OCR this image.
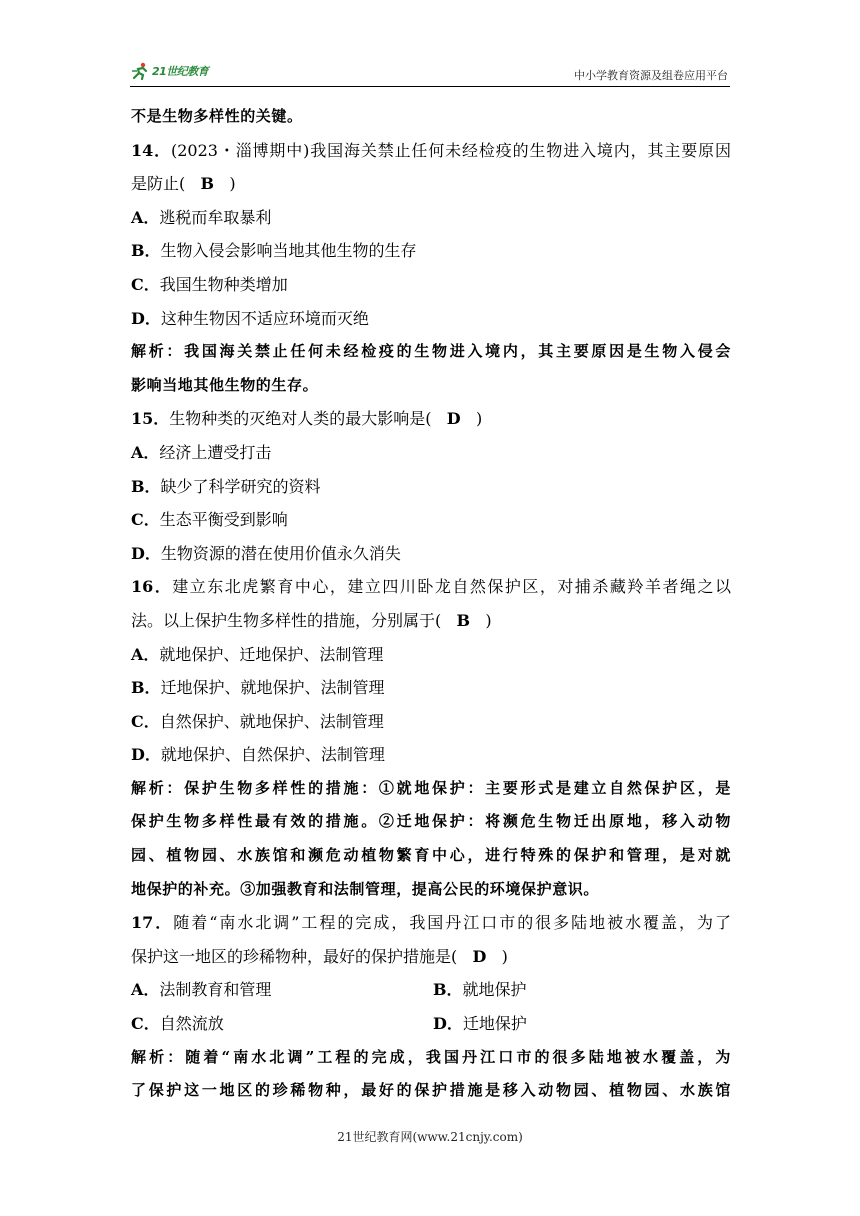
21世纪教育	中小学教育资源及组卷应用平台
不是生物多样性的关键。
14．(2023・淄博期中)我国海关禁止任何未经检疫的生物进入境内，其主要原因
是防止( B )
A．逃税而牟取暴利
B．生物入侵会影响当地其他生物的生存
C．我国生物种类增加
D．这种生物因不适应环境而灭绝
解析：我国海关禁止任何未经检疫的生物进入境内，其主要原因是生物入侵会
影响当地其他生物的生存。
15．生物种类的灭绝对人类的最大影响是( D )
A．经济上遭受打击
B．缺少了科学研究的资料
C．生态平衡受到影响
D．生物资源的潜在使用价值永久消失
16．建立东北虎繁育中心，建立四川卧龙自然保护区，对捕杀藏羚羊者绳之以
法。以上保护生物多样性的措施，分别属于( B )
A．就地保护、迁地保护、法制管理
B．迁地保护、就地保护、法制管理
C．自然保护、就地保护、法制管理
D．就地保护、自然保护、法制管理
解析：保护生物多样性的措施：①就地保护：主要形式是建立自然保护区，是
保护生物多样性最有效的措施。②迁地保护：将濒危生物迁出原地，移入动物
园、植物园、水族馆和濒危动植物繁育中心，进行特殊的保护和管理，是对就
地保护的补充。③加强教育和法制管理，提高公民的环境保护意识。
17．随着“南水北调”工程的完成，我国丹江口市的很多陆地被水覆盖，为了
保护这一地区的珍稀物种，最好的保护措施是( D )
A．法制教育和管理	B．就地保护
C．自然流放	D．迁地保护
解析：随着“南水北调”工程的完成，我国丹江口市的很多陆地被水覆盖，为
了保护这一地区的珍稀物种，最好的保护措施是移入动物园、植物园、水族馆
21世纪教育网(www.21cnjy.com)
